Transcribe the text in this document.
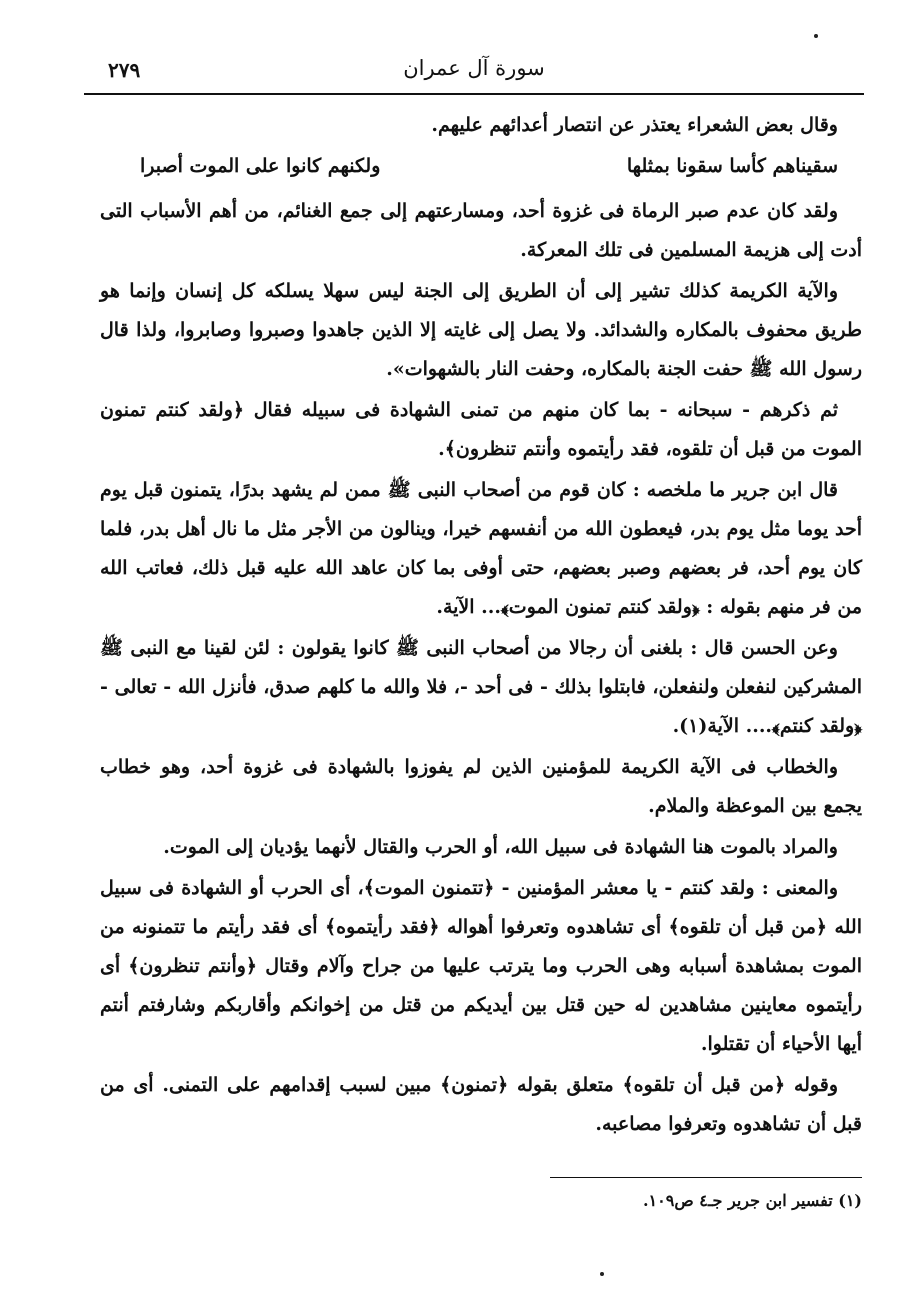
٢٧٩	سورة آل عمران

وقال بعض الشعراء يعتذر عن انتصار أعدائهم عليهم.

سقيناهم كأسا سقونا بمثلها
ولكنهم كانوا على الموت أصبرا

ولقد كان عدم صبر الرماة فى غزوة أحد، ومسارعتهم إلى جمع الغنائم، من أهم الأسباب التى أدت إلى هزيمة المسلمين فى تلك المعركة.

والآية الكريمة كذلك تشير إلى أن الطريق إلى الجنة ليس سهلا يسلكه كل إنسان وإنما هو طريق محفوف بالمكاره والشدائد. ولا يصل إلى غايته إلا الذين جاهدوا وصبروا وصابروا، ولذا قال رسول الله ﷺ حفت الجنة بالمكاره، وحفت النار بالشهوات».

ثم ذكرهم - سبحانه - بما كان منهم من تمنى الشهادة فى سبيله فقال ﴿ولقد كنتم تمنون الموت من قبل أن تلقوه، فقد رأيتموه وأنتم تنظرون﴾.

قال ابن جرير ما ملخصه : كان قوم من أصحاب النبى ﷺ ممن لم يشهد بدرًا، يتمنون قبل يوم أحد يوما مثل يوم بدر، فيعطون الله من أنفسهم خيرا، وينالون من الأجر مثل ما نال أهل بدر، فلما كان يوم أحد، فر بعضهم وصبر بعضهم، حتى أوفى بما كان عاهد الله عليه قبل ذلك، فعاتب الله من فر منهم بقوله : ﴿ولقد كنتم تمنون الموت﴾... الآية.

وعن الحسن قال : بلغنى أن رجالا من أصحاب النبى ﷺ كانوا يقولون : لئن لقينا مع النبى ﷺ المشركين لنفعلن ولنفعلن، فابتلوا بذلك - فى أحد -، فلا والله ما كلهم صدق، فأنزل الله - تعالى - ﴿ولقد كنتم﴾.... الآية(١).

والخطاب فى الآية الكريمة للمؤمنين الذين لم يفوزوا بالشهادة فى غزوة أحد، وهو خطاب يجمع بين الموعظة والملام.

والمراد بالموت هنا الشهادة فى سبيل الله، أو الحرب والقتال لأنهما يؤديان إلى الموت.

والمعنى : ولقد كنتم - يا معشر المؤمنين - ﴿تتمنون الموت﴾، أى الحرب أو الشهادة فى سبيل الله ﴿من قبل أن تلقوه﴾ أى تشاهدوه وتعرفوا أهواله ﴿فقد رأيتموه﴾ أى فقد رأيتم ما تتمنونه من الموت بمشاهدة أسبابه وهى الحرب وما يترتب عليها من جراح وآلام وقتال ﴿وأنتم تنظرون﴾ أى رأيتموه معاينين مشاهدين له حين قتل بين أيديكم من قتل من إخوانكم وأقاربكم وشارفتم أنتم أيها الأحياء أن تقتلوا.

وقوله ﴿من قبل أن تلقوه﴾ متعلق بقوله ﴿تمنون﴾ مبين لسبب إقدامهم على التمنى. أى من قبل أن تشاهدوه وتعرفوا مصاعبه.

(١) تفسير ابن جرير جـ٤ ص١٠٩.
